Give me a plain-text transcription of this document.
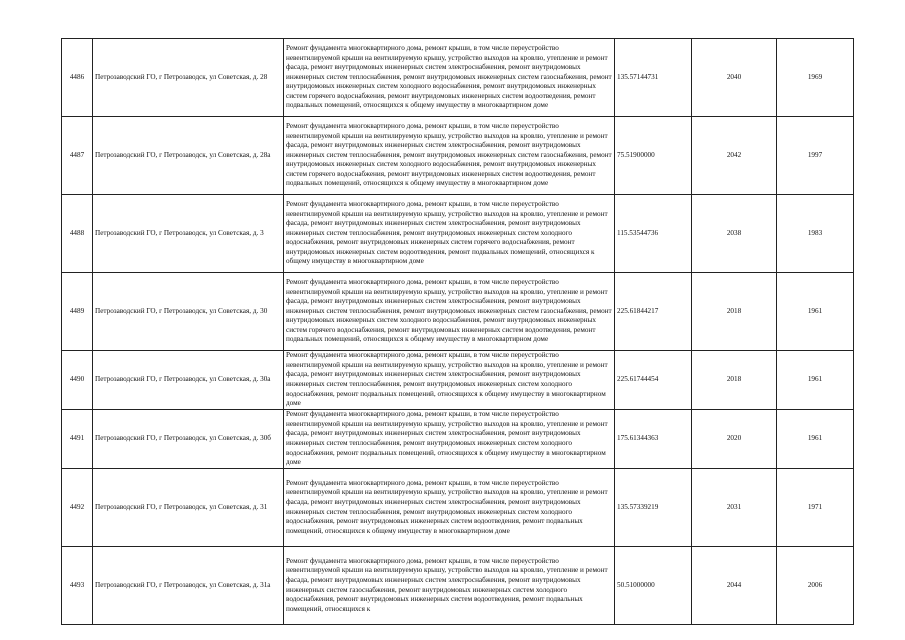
4486	Петрозаводский ГО, г Петрозаводск, ул Советская, д. 28	Ремонт фундамента многоквартирного дома, ремонт крыши, в том числе переустройство невентилируемой крыши на вентилируемую крышу, устройство выходов на кровлю, утепление и ремонт фасада, ремонт внутридомовых инженерных систем электроснабжения, ремонт внутридомовых инженерных систем теплоснабжения, ремонт внутридомовых инженерных систем газоснабжения, ремонт внутридомовых инженерных систем холодного водоснабжения, ремонт внутридомовых инженерных систем горячего водоснабжения, ремонт внутридомовых инженерных систем водоотведения, ремонт подвальных помещений, относящихся к общему имуществу в многоквартирном доме	135.57144731	2040	1969
4487	Петрозаводский ГО, г Петрозаводск, ул Советская, д. 28а	Ремонт фундамента многоквартирного дома, ремонт крыши, в том числе переустройство невентилируемой крыши на вентилируемую крышу, устройство выходов на кровлю, утепление и ремонт фасада, ремонт внутридомовых инженерных систем электроснабжения, ремонт внутридомовых инженерных систем теплоснабжения, ремонт внутридомовых инженерных систем газоснабжения, ремонт внутридомовых инженерных систем холодного водоснабжения, ремонт внутридомовых инженерных систем горячего водоснабжения, ремонт внутридомовых инженерных систем водоотведения, ремонт подвальных помещений, относящихся к общему имуществу в многоквартирном доме	75.51900000	2042	1997
4488	Петрозаводский ГО, г Петрозаводск, ул Советская, д. 3	Ремонт фундамента многоквартирного дома, ремонт крыши, в том числе переустройство невентилируемой крыши на вентилируемую крышу, устройство выходов на кровлю, утепление и ремонт фасада, ремонт внутридомовых инженерных систем электроснабжения, ремонт внутридомовых инженерных систем теплоснабжения, ремонт внутридомовых инженерных систем холодного водоснабжения, ремонт внутридомовых инженерных систем горячего водоснабжения, ремонт внутридомовых инженерных систем водоотведения, ремонт подвальных помещений, относящихся к общему имуществу в многоквартирном доме	115.53544736	2038	1983
4489	Петрозаводский ГО, г Петрозаводск, ул Советская, д. 30	Ремонт фундамента многоквартирного дома, ремонт крыши, в том числе переустройство невентилируемой крыши на вентилируемую крышу, устройство выходов на кровлю, утепление и ремонт фасада, ремонт внутридомовых инженерных систем электроснабжения, ремонт внутридомовых инженерных систем теплоснабжения, ремонт внутридомовых инженерных систем газоснабжения, ремонт внутридомовых инженерных систем холодного водоснабжения, ремонт внутридомовых инженерных систем горячего водоснабжения, ремонт внутридомовых инженерных систем водоотведения, ремонт подвальных помещений, относящихся к общему имуществу в многоквартирном доме	225.61844217	2018	1961
4490	Петрозаводский ГО, г Петрозаводск, ул Советская, д. 30а	Ремонт фундамента многоквартирного дома, ремонт крыши, в том числе переустройство невентилируемой крыши на вентилируемую крышу, устройство выходов на кровлю, утепление и ремонт фасада, ремонт внутридомовых инженерных систем электроснабжения, ремонт внутридомовых инженерных систем теплоснабжения, ремонт внутридомовых инженерных систем холодного водоснабжения, ремонт подвальных помещений, относящихся к общему имуществу в многоквартирном доме	225.61744454	2018	1961
4491	Петрозаводский ГО, г Петрозаводск, ул Советская, д. 30б	Ремонт фундамента многоквартирного дома, ремонт крыши, в том числе переустройство невентилируемой крыши на вентилируемую крышу, устройство выходов на кровлю, утепление и ремонт фасада, ремонт внутридомовых инженерных систем электроснабжения, ремонт внутридомовых инженерных систем теплоснабжения, ремонт внутридомовых инженерных систем холодного водоснабжения, ремонт подвальных помещений, относящихся к общему имуществу в многоквартирном доме	175.61344363	2020	1961
4492	Петрозаводский ГО, г Петрозаводск, ул Советская, д. 31	Ремонт фундамента многоквартирного дома, ремонт крыши, в том числе переустройство невентилируемой крыши на вентилируемую крышу, устройство выходов на кровлю, утепление и ремонт фасада, ремонт внутридомовых инженерных систем электроснабжения, ремонт внутридомовых инженерных систем теплоснабжения, ремонт внутридомовых инженерных систем холодного водоснабжения, ремонт внутридомовых инженерных систем водоотведения, ремонт подвальных помещений, относящихся к общему имуществу в многоквартирном доме	135.57339219	2031	1971
4493	Петрозаводский ГО, г Петрозаводск, ул Советская, д. 31а	Ремонт фундамента многоквартирного дома, ремонт крыши, в том числе переустройство невентилируемой крыши на вентилируемую крышу, устройство выходов на кровлю, утепление и ремонт фасада, ремонт внутридомовых инженерных систем электроснабжения, ремонт внутридомовых инженерных систем газоснабжения, ремонт внутридомовых инженерных систем холодного водоснабжения, ремонт внутридомовых инженерных систем водоотведения, ремонт подвальных помещений, относящихся к	50.51000000	2044	2006
